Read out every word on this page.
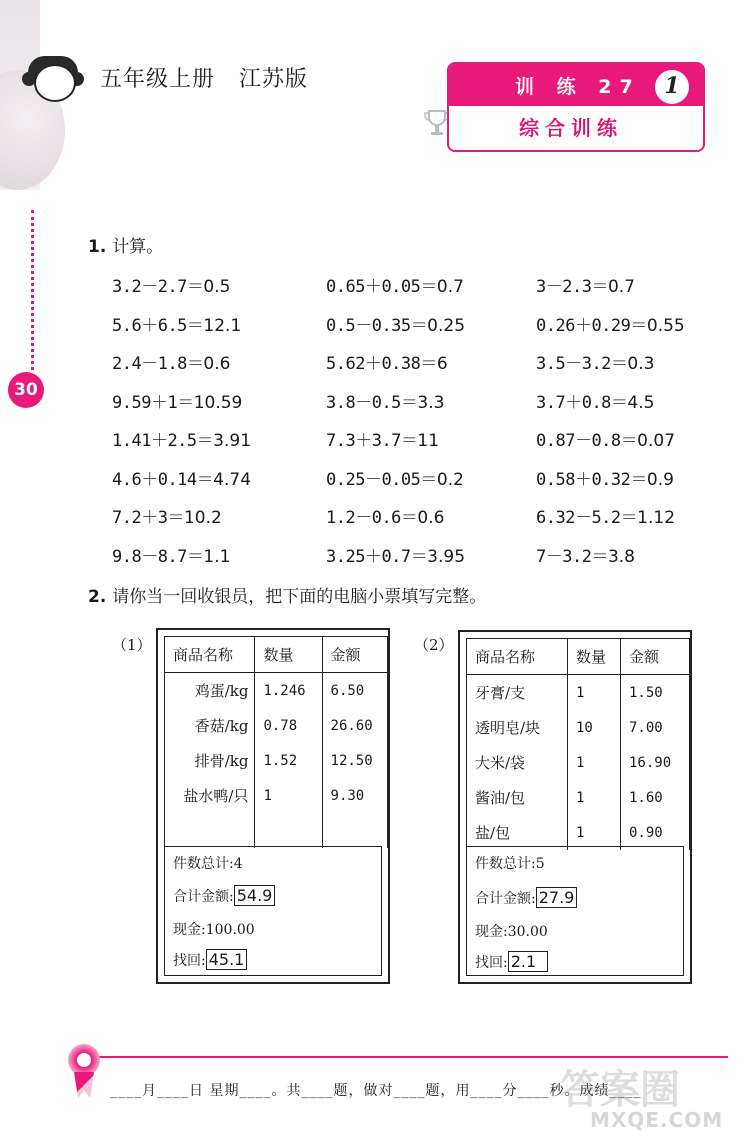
五年级上册   江苏版	训 练 27	1
综合训练
30
1. 计算。
3.2－2.7＝0.5	0.65＋0.05＝0.7	3－2.3＝0.7
5.6＋6.5＝12.1	0.5－0.35＝0.25	0.26＋0.29＝0.55
2.4－1.8＝0.6	5.62＋0.38＝6	3.5－3.2＝0.3
9.59＋1＝10.59	3.8－0.5＝3.3	3.7＋0.8＝4.5
1.41＋2.5＝3.91	7.3＋3.7＝11	0.87－0.8＝0.07
4.6＋0.14＝4.74	0.25－0.05＝0.2	0.58＋0.32＝0.9
7.2＋3＝10.2	1.2－0.6＝0.6	6.32－5.2＝1.12
9.8－8.7＝1.1	3.25＋0.7＝3.95	7－3.2＝3.8
2. 请你当一回收银员，把下面的电脑小票填写完整。
（1）
商品名称	数量	金额
鸡蛋/kg	1.246	6.50
香菇/kg	0.78	26.60
排骨/kg	1.52	12.50
盐水鸭/只	1	9.30

件数总计:4
合计金额: 54.9
现金:100.00
找回: 45.1
（2）
商品名称	数量	金额
牙膏/支	1	1.50
透明皂/块	10	7.00
大米/袋	1	16.90
酱油/包	1	1.60
盐/包	1	0.90
件数总计:5
合计金额: 27.9
现金:30.00
找回: 2.1
____月____日 星期____。共____题，做对____题，用____分____秒。成绩____
答案圈
MXQE.COM
